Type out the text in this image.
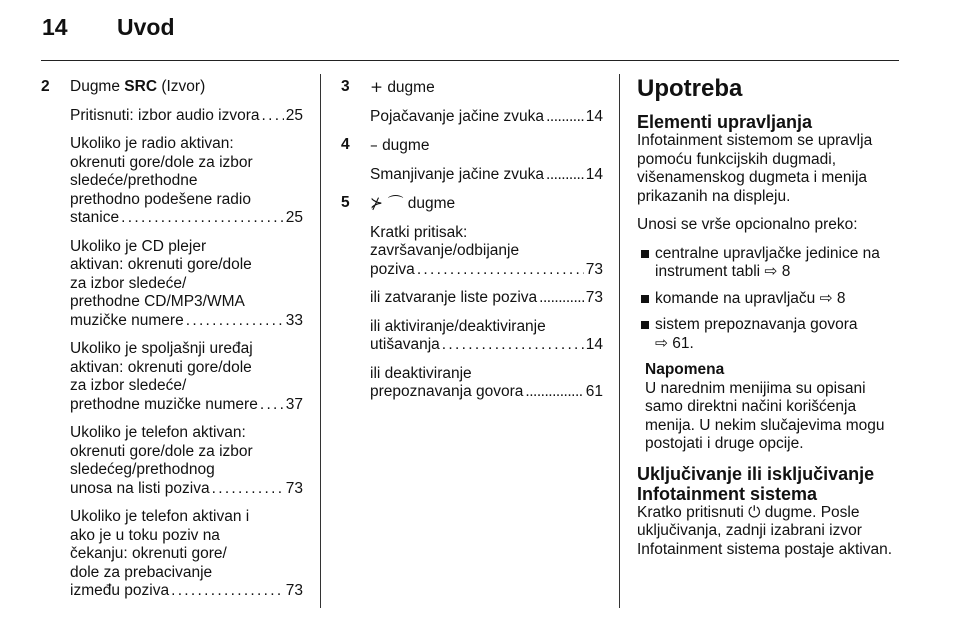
14 Uvod
2 Dugme SRC (Izvor)
Pritisnuti: izbor audio izvora . . . 25
Ukoliko je radio aktivan:
okrenuti gore/dole za izbor
sledeće/prethodne
prethodno podešene radio
stanice . . .	25
Ukoliko je CD plejer
aktivan: okrenuti gore/dole
za izbor sledeće/
prethodne CD/MP3/WMA
muzičke numere . . .	33
Ukoliko je spoljašnji uređaj
aktivan: okrenuti gore/dole
za izbor sledeće/
prethodne muzičke numere . . . 37
Ukoliko je telefon aktivan:
okrenuti gore/dole za izbor
sledećeg/prethodnog
unosa na listi poziva . . .	73
Ukoliko je telefon aktivan i
ako je u toku poziv na
čekanju: okrenuti gore/
dole za prebacivanje
između poziva . . .	73
3 + dugme
Pojačavanje jačine zvuka . . .	14
4 – dugme
Smanjivanje jačine zvuka . . .	14
5 ⊁ ⌒ dugme
Kratki pritisak:
završavanje/odbijanje
poziva . . .	73
ili zatvaranje liste poziva . . .	73
ili aktiviranje/deaktiviranje
utišavanja . . .	14
ili deaktiviranje
prepoznavanja govora . . .	61
Upotreba
Elementi upravljanja
Infotainment sistemom se upravlja
pomoću funkcijskih dugmadi,
višenamenskog dugmeta i menija
prikazanih na displeju.
Unosi se vrše opcionalno preko:
centralne upravljačke jedinice na
instrument tabli ⇨ 8
komande na upravljaču ⇨ 8
sistem prepoznavanja govora
⇨ 61.
Napomena
U narednim menijima su opisani
samo direktni načini korišćenja
menija. U nekim slučajevima mogu
postojati i druge opcije.
Uključivanje ili isključivanje
Infotainment sistema
Kratko pritisnuti ⏻ dugme. Posle
uključivanja, zadnji izabrani izvor
Infotainment sistema postaje aktivan.
